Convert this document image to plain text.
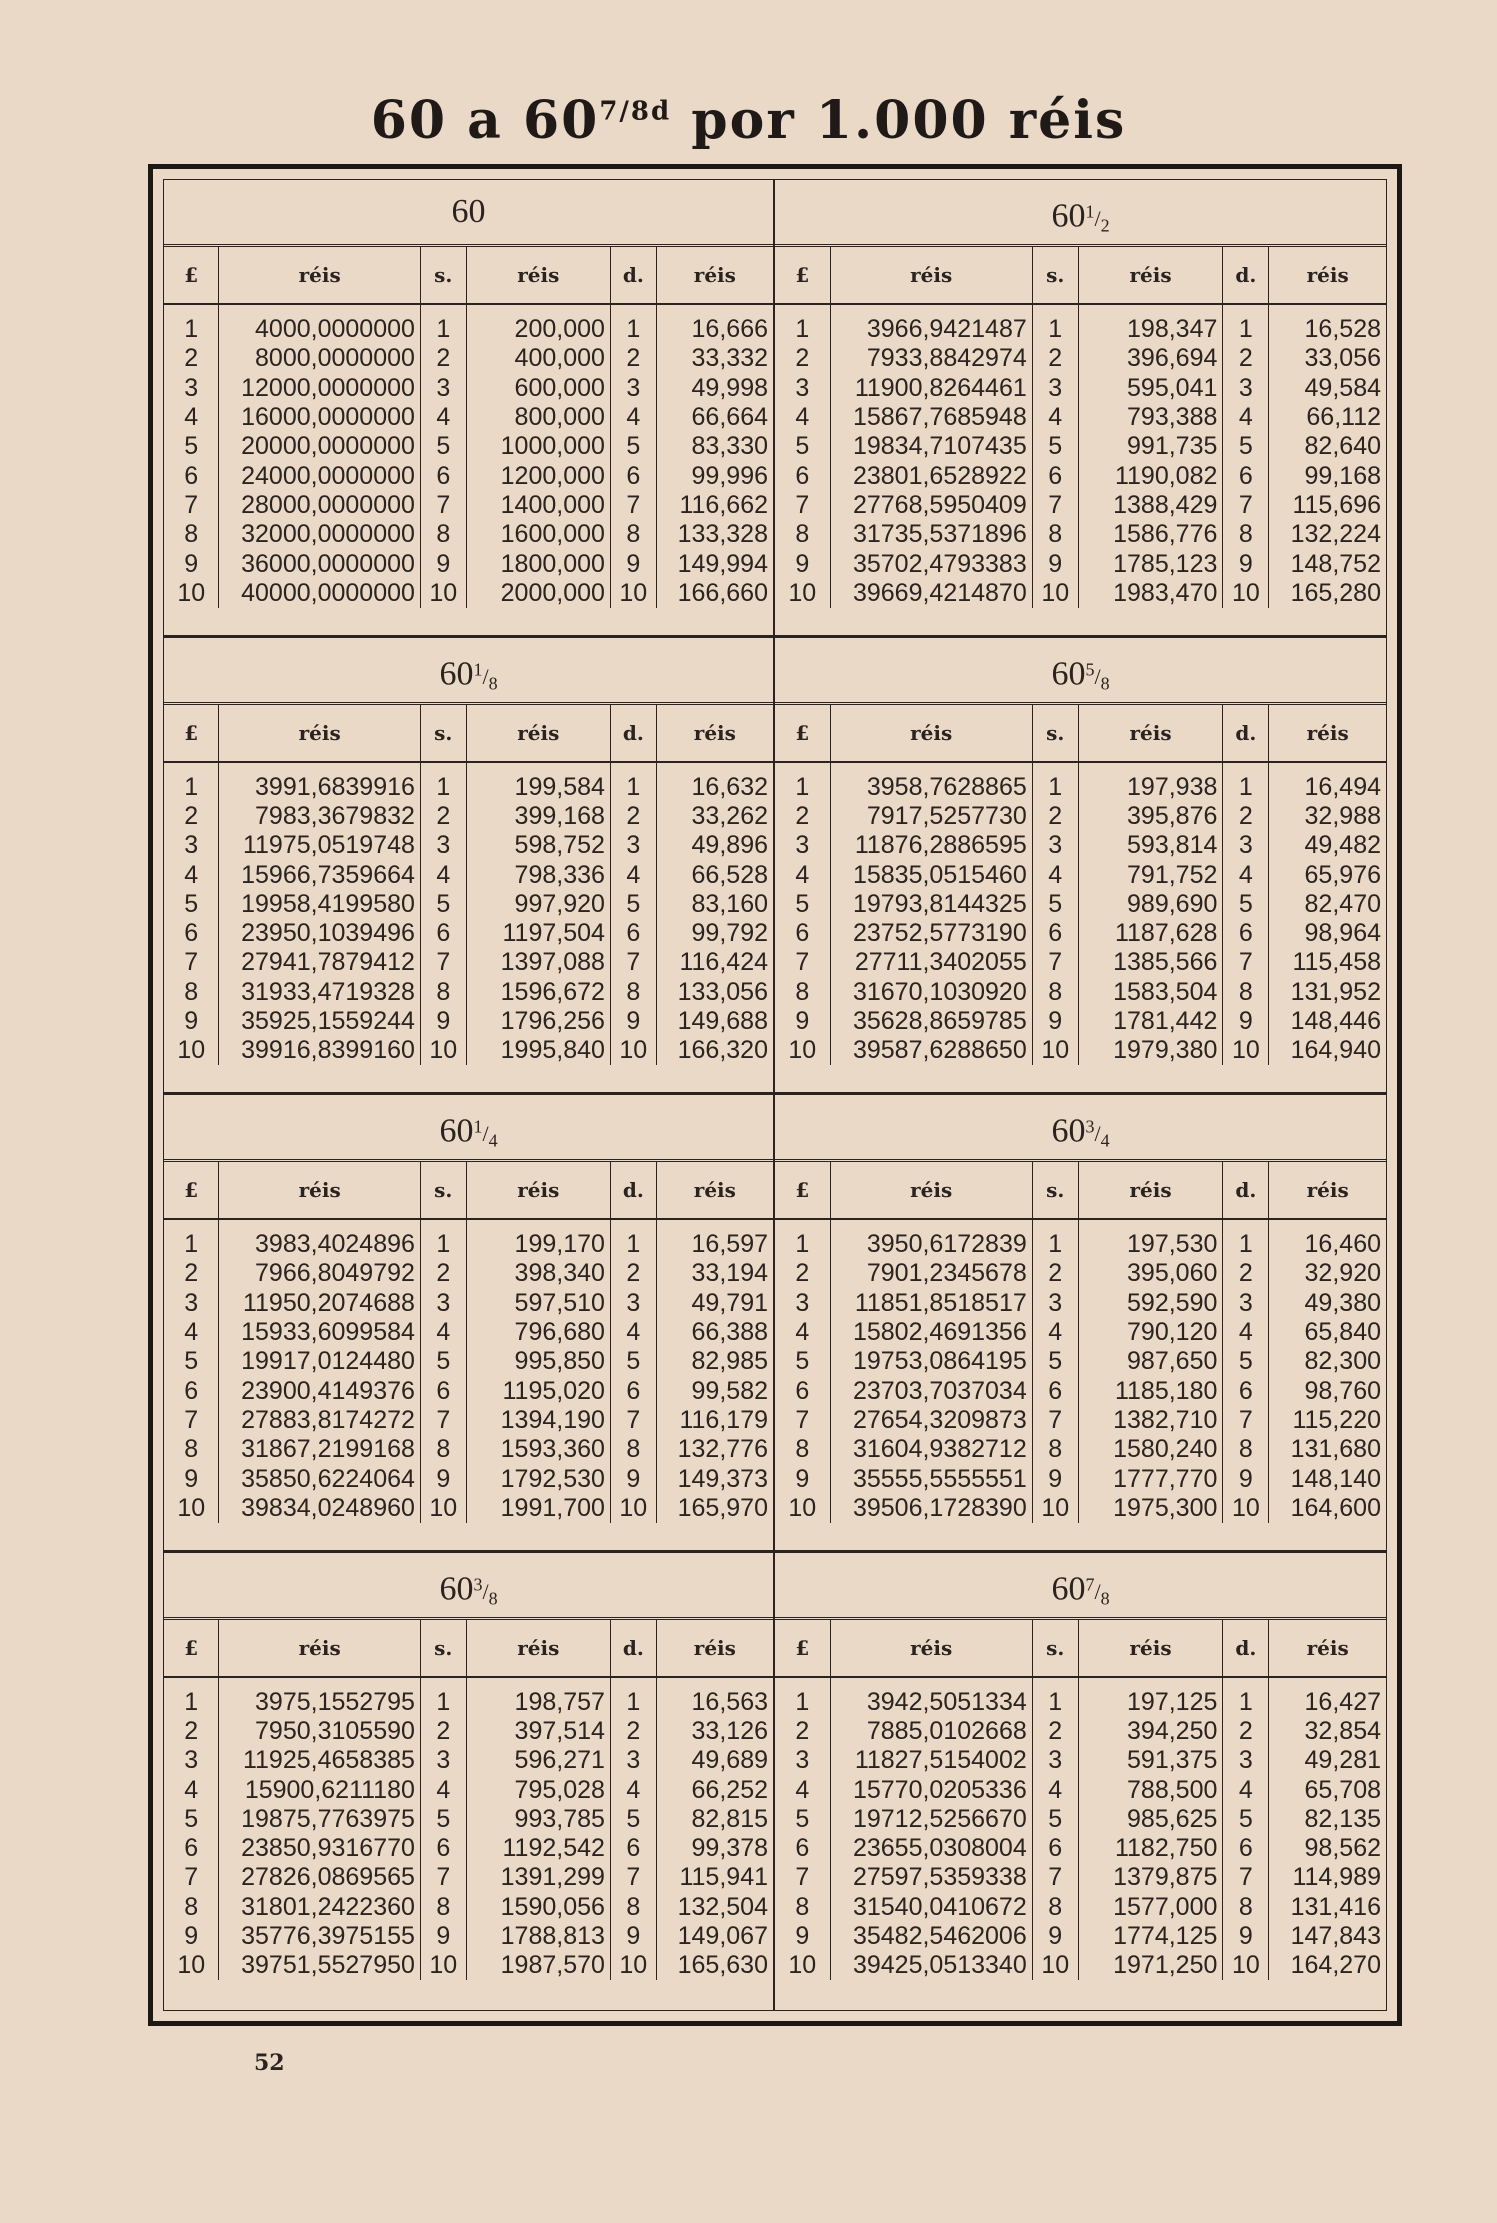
60 a $60^{7/8d}$ por 1.000 réis
60
£	réis	s.	réis	d.	réis
1	4000,0000000	1	200,000	1	16,666
2	8000,0000000	2	400,000	2	33,332
3	12000,0000000	3	600,000	3	49,998
4	16000,0000000	4	800,000	4	66,664
5	20000,0000000	5	1000,000	5	83,330
6	24000,0000000	6	1200,000	6	99,996
7	28000,0000000	7	1400,000	7	116,662
8	32000,0000000	8	1600,000	8	133,328
9	36000,0000000	9	1800,000	9	149,994
10	40000,0000000	10	2000,000	10	166,660
$60^1/_2$
£	réis	s.	réis	d.	réis
1	3966,9421487	1	198,347	1	16,528
2	7933,8842974	2	396,694	2	33,056
3	11900,8264461	3	595,041	3	49,584
4	15867,7685948	4	793,388	4	66,112
5	19834,7107435	5	991,735	5	82,640
6	23801,6528922	6	1190,082	6	99,168
7	27768,5950409	7	1388,429	7	115,696
8	31735,5371896	8	1586,776	8	132,224
9	35702,4793383	9	1785,123	9	148,752
10	39669,4214870	10	1983,470	10	165,280
$60^1/_8$
£	réis	s.	réis	d.	réis
1	3991,6839916	1	199,584	1	16,632
2	7983,3679832	2	399,168	2	33,262
3	11975,0519748	3	598,752	3	49,896
4	15966,7359664	4	798,336	4	66,528
5	19958,4199580	5	997,920	5	83,160
6	23950,1039496	6	1197,504	6	99,792
7	27941,7879412	7	1397,088	7	116,424
8	31933,4719328	8	1596,672	8	133,056
9	35925,1559244	9	1796,256	9	149,688
10	39916,8399160	10	1995,840	10	166,320
$60^5/_8$
£	réis	s.	réis	d.	réis
1	3958,7628865	1	197,938	1	16,494
2	7917,5257730	2	395,876	2	32,988
3	11876,2886595	3	593,814	3	49,482
4	15835,0515460	4	791,752	4	65,976
5	19793,8144325	5	989,690	5	82,470
6	23752,5773190	6	1187,628	6	98,964
7	27711,3402055	7	1385,566	7	115,458
8	31670,1030920	8	1583,504	8	131,952
9	35628,8659785	9	1781,442	9	148,446
10	39587,6288650	10	1979,380	10	164,940
$60^1/_4$
£	réis	s.	réis	d.	réis
1	3983,4024896	1	199,170	1	16,597
2	7966,8049792	2	398,340	2	33,194
3	11950,2074688	3	597,510	3	49,791
4	15933,6099584	4	796,680	4	66,388
5	19917,0124480	5	995,850	5	82,985
6	23900,4149376	6	1195,020	6	99,582
7	27883,8174272	7	1394,190	7	116,179
8	31867,2199168	8	1593,360	8	132,776
9	35850,6224064	9	1792,530	9	149,373
10	39834,0248960	10	1991,700	10	165,970
$60^3/_4$
£	réis	s.	réis	d.	réis
1	3950,6172839	1	197,530	1	16,460
2	7901,2345678	2	395,060	2	32,920
3	11851,8518517	3	592,590	3	49,380
4	15802,4691356	4	790,120	4	65,840
5	19753,0864195	5	987,650	5	82,300
6	23703,7037034	6	1185,180	6	98,760
7	27654,3209873	7	1382,710	7	115,220
8	31604,9382712	8	1580,240	8	131,680
9	35555,5555551	9	1777,770	9	148,140
10	39506,1728390	10	1975,300	10	164,600
$60^3/_8$
£	réis	s.	réis	d.	réis
1	3975,1552795	1	198,757	1	16,563
2	7950,3105590	2	397,514	2	33,126
3	11925,4658385	3	596,271	3	49,689
4	15900,6211180	4	795,028	4	66,252
5	19875,7763975	5	993,785	5	82,815
6	23850,9316770	6	1192,542	6	99,378
7	27826,0869565	7	1391,299	7	115,941
8	31801,2422360	8	1590,056	8	132,504
9	35776,3975155	9	1788,813	9	149,067
10	39751,5527950	10	1987,570	10	165,630
$60^7/_8$
£	réis	s.	réis	d.	réis
1	3942,5051334	1	197,125	1	16,427
2	7885,0102668	2	394,250	2	32,854
3	11827,5154002	3	591,375	3	49,281
4	15770,0205336	4	788,500	4	65,708
5	19712,5256670	5	985,625	5	82,135
6	23655,0308004	6	1182,750	6	98,562
7	27597,5359338	7	1379,875	7	114,989
8	31540,0410672	8	1577,000	8	131,416
9	35482,5462006	9	1774,125	9	147,843
10	39425,0513340	10	1971,250	10	164,270
52
